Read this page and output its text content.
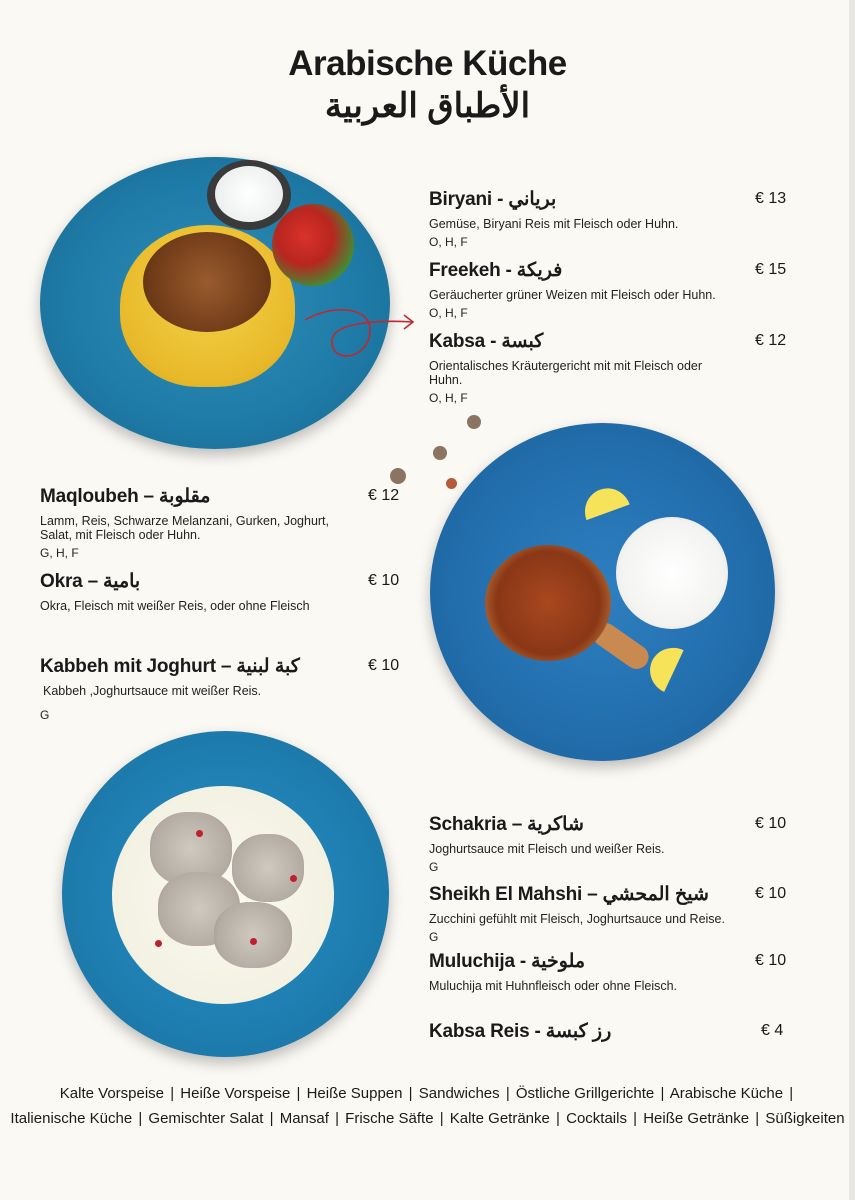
Arabische Küche
الأطباق العربية
Biryani - برياني	€ 13
Gemüse, Biryani Reis mit Fleisch oder Huhn.
O, H, F
Freekeh - فريكة	€ 15
Geräucherter grüner Weizen mit Fleisch oder Huhn.
O, H, F
Kabsa - كبسة	€ 12
Orientalisches Kräutergericht mit mit Fleisch oder Huhn.
O, H, F
Maqloubeh – مقلوبة	€ 12
Lamm, Reis, Schwarze Melanzani, Gurken, Joghurt, Salat, mit Fleisch oder Huhn.
G, H, F
Okra – بامية	€ 10
Okra, Fleisch mit weißer Reis, oder ohne Fleisch
Kabbeh mit Joghurt – كبة لبنية	€ 10
Kabbeh ,Joghurtsauce mit weißer Reis.
G
Schakria – شاكرية	€ 10
Joghurtsauce mit Fleisch und weißer Reis.
G
Sheikh El Mahshi – شيخ المحشي	€ 10
Zucchini gefühlt mit Fleisch, Joghurtsauce und Reise.
G
Muluchija - ملوخية	€ 10
Muluchija mit Huhnfleisch oder ohne Fleisch.
Kabsa Reis - رز كبسة	€ 4
Kalte Vorspeise | Heiße Vorspeise | Heiße Suppen | Sandwiches | Östliche Grillgerichte | Arabische Küche |
Italienische Küche | Gemischter Salat | Mansaf | Frische Säfte | Kalte Getränke | Cocktails | Heiße Getränke | Süßigkeiten
